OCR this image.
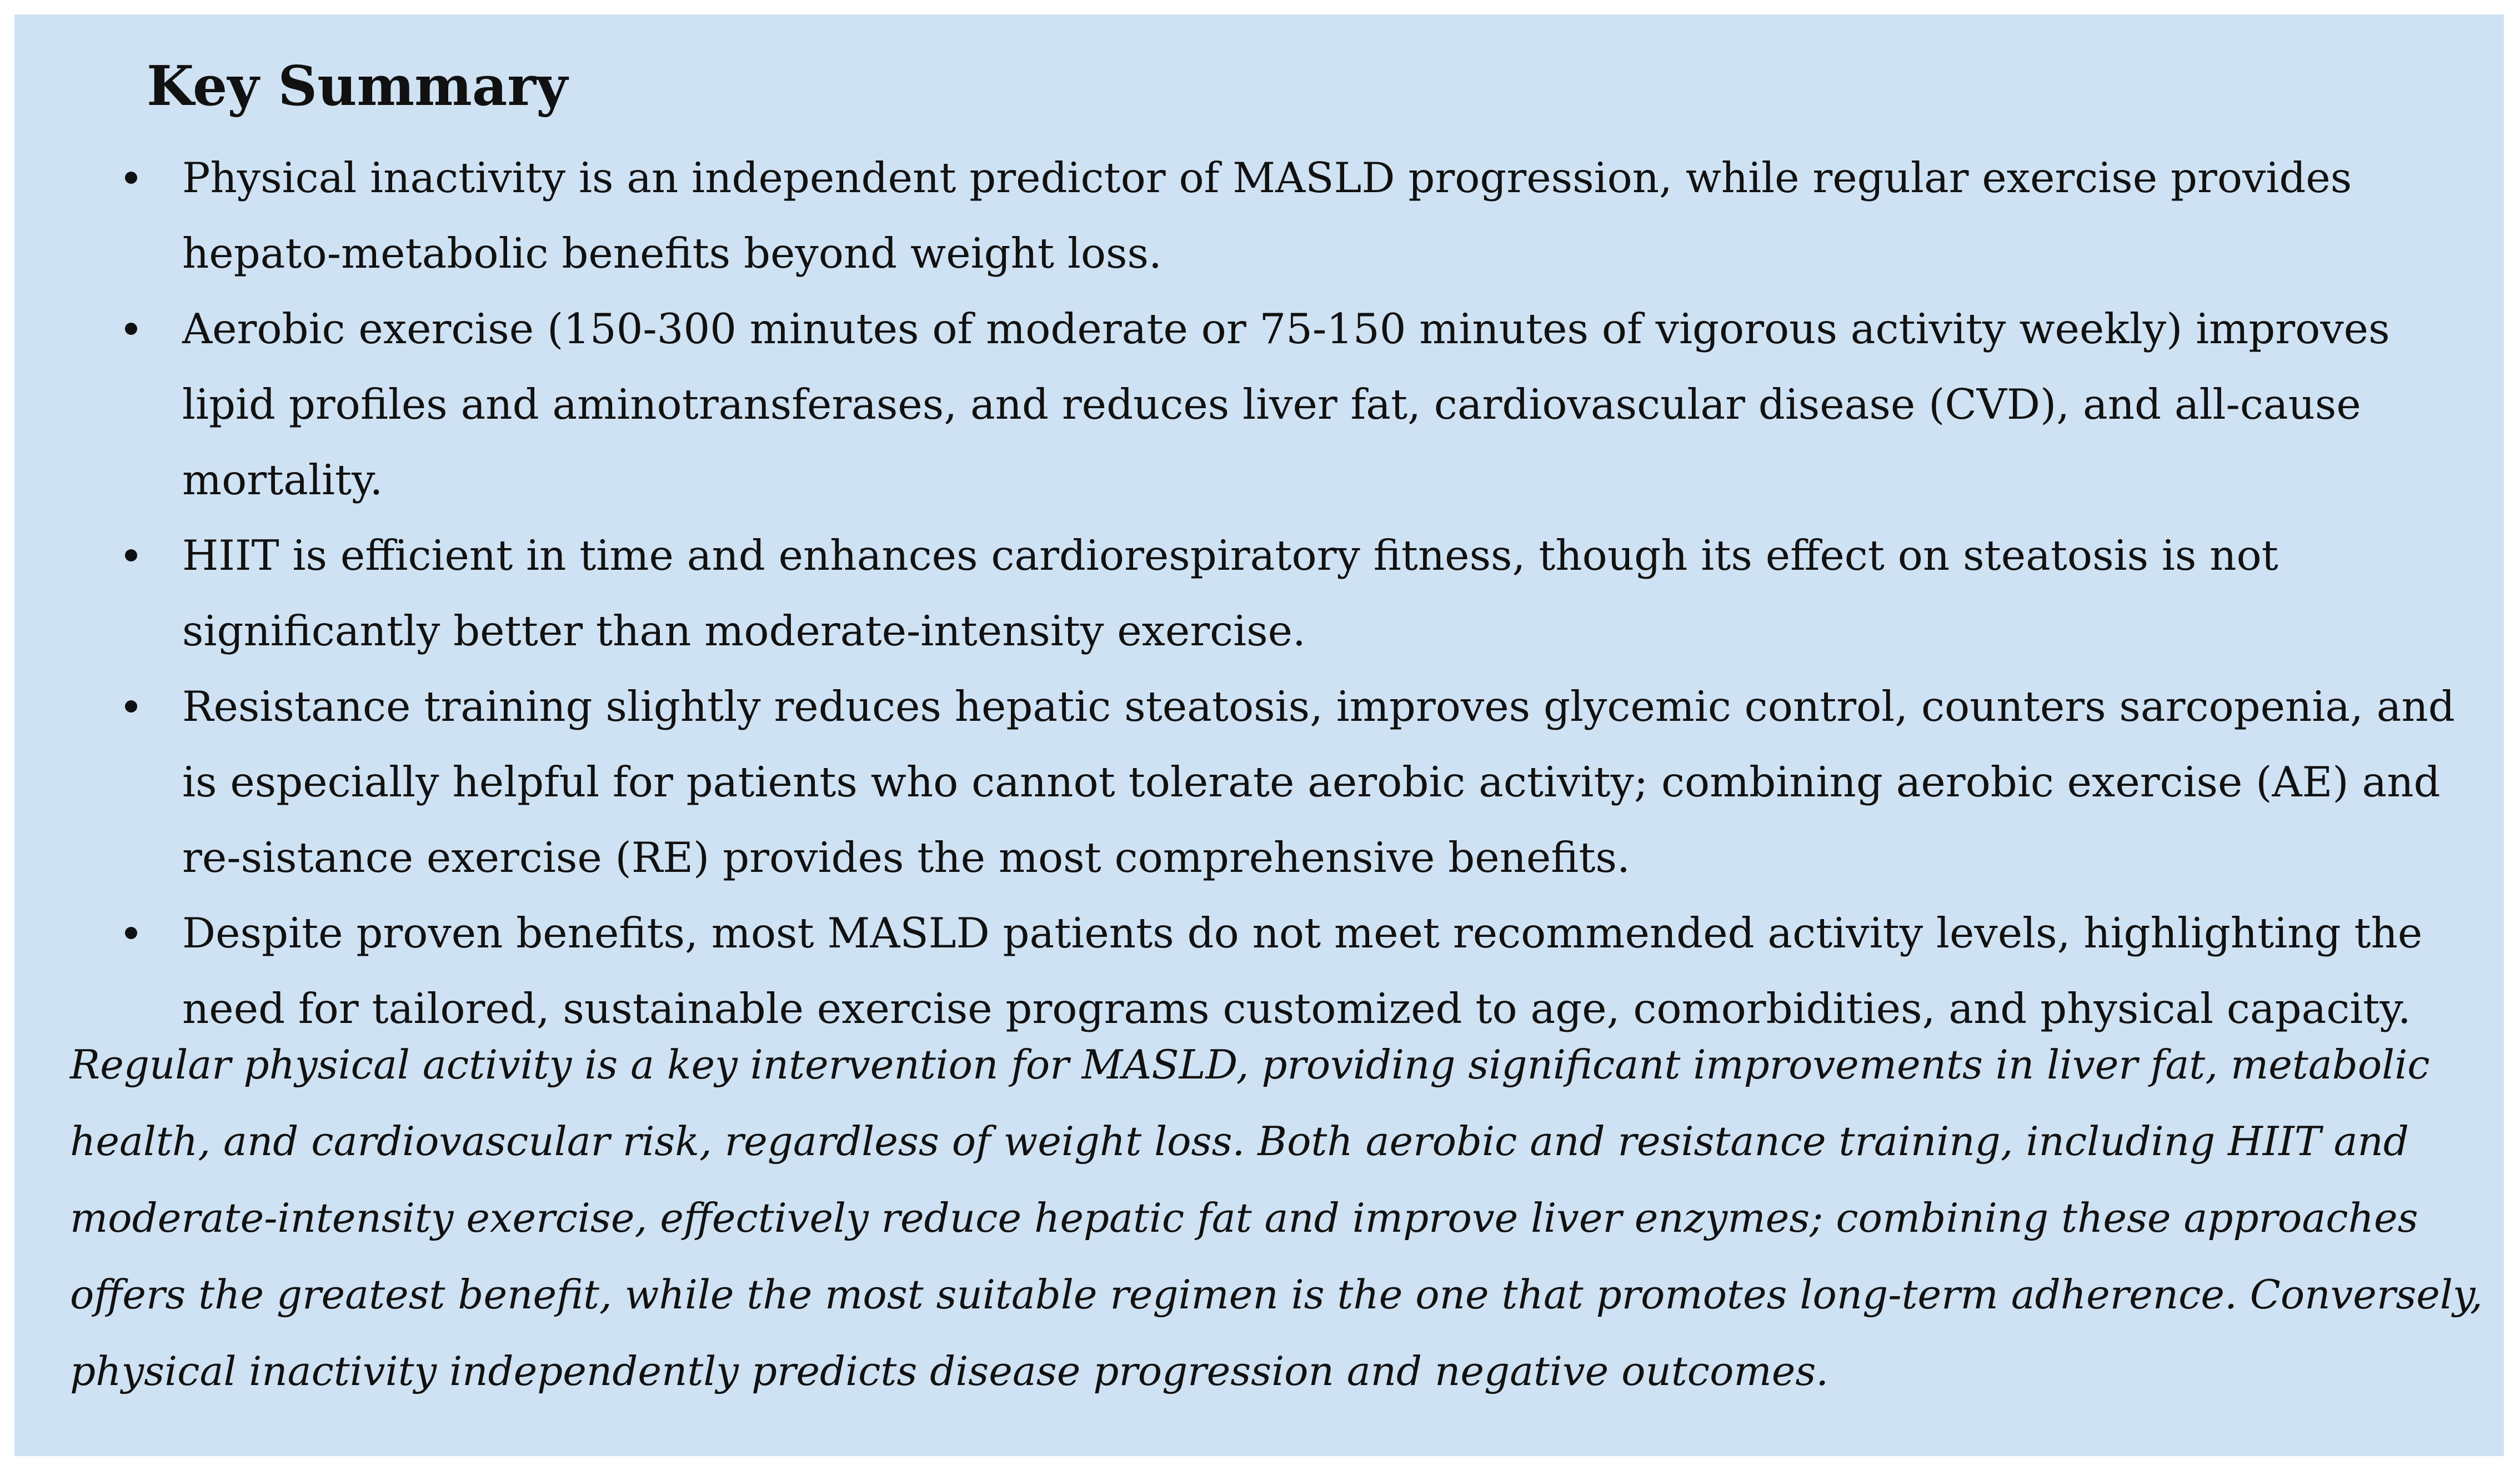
Key Summary
Physical inactivity is an independent predictor of MASLD progression, while regular exercise provides hepato-metabolic benefits beyond weight loss.
Aerobic exercise (150-300 minutes of moderate or 75-150 minutes of vigorous activity weekly) improves lipid profiles and aminotransferases, and reduces liver fat, cardiovascular disease (CVD), and all-cause mortality.
HIIT is efficient in time and enhances cardiorespiratory fitness, though its effect on steatosis is not significantly better than moderate-intensity exercise.
Resistance training slightly reduces hepatic steatosis, improves glycemic control, counters sarcopenia, and is especially helpful for patients who cannot tolerate aerobic activity; combining aerobic exercise (AE) and re-sistance exercise (RE) provides the most comprehensive benefits.
Despite proven benefits, most MASLD patients do not meet recommended activity levels, highlighting the need for tailored, sustainable exercise programs customized to age, comorbidities, and physical capacity.

Regular physical activity is a key intervention for MASLD, providing significant improvements in liver fat, metabolic health, and cardiovascular risk, regardless of weight loss. Both aerobic and resistance training, including HIIT and moderate-intensity exercise, effectively reduce hepatic fat and improve liver enzymes; combining these approaches offers the greatest benefit, while the most suitable regimen is the one that promotes long-term adherence. Conversely, physical inactivity independently predicts disease progression and negative outcomes.
